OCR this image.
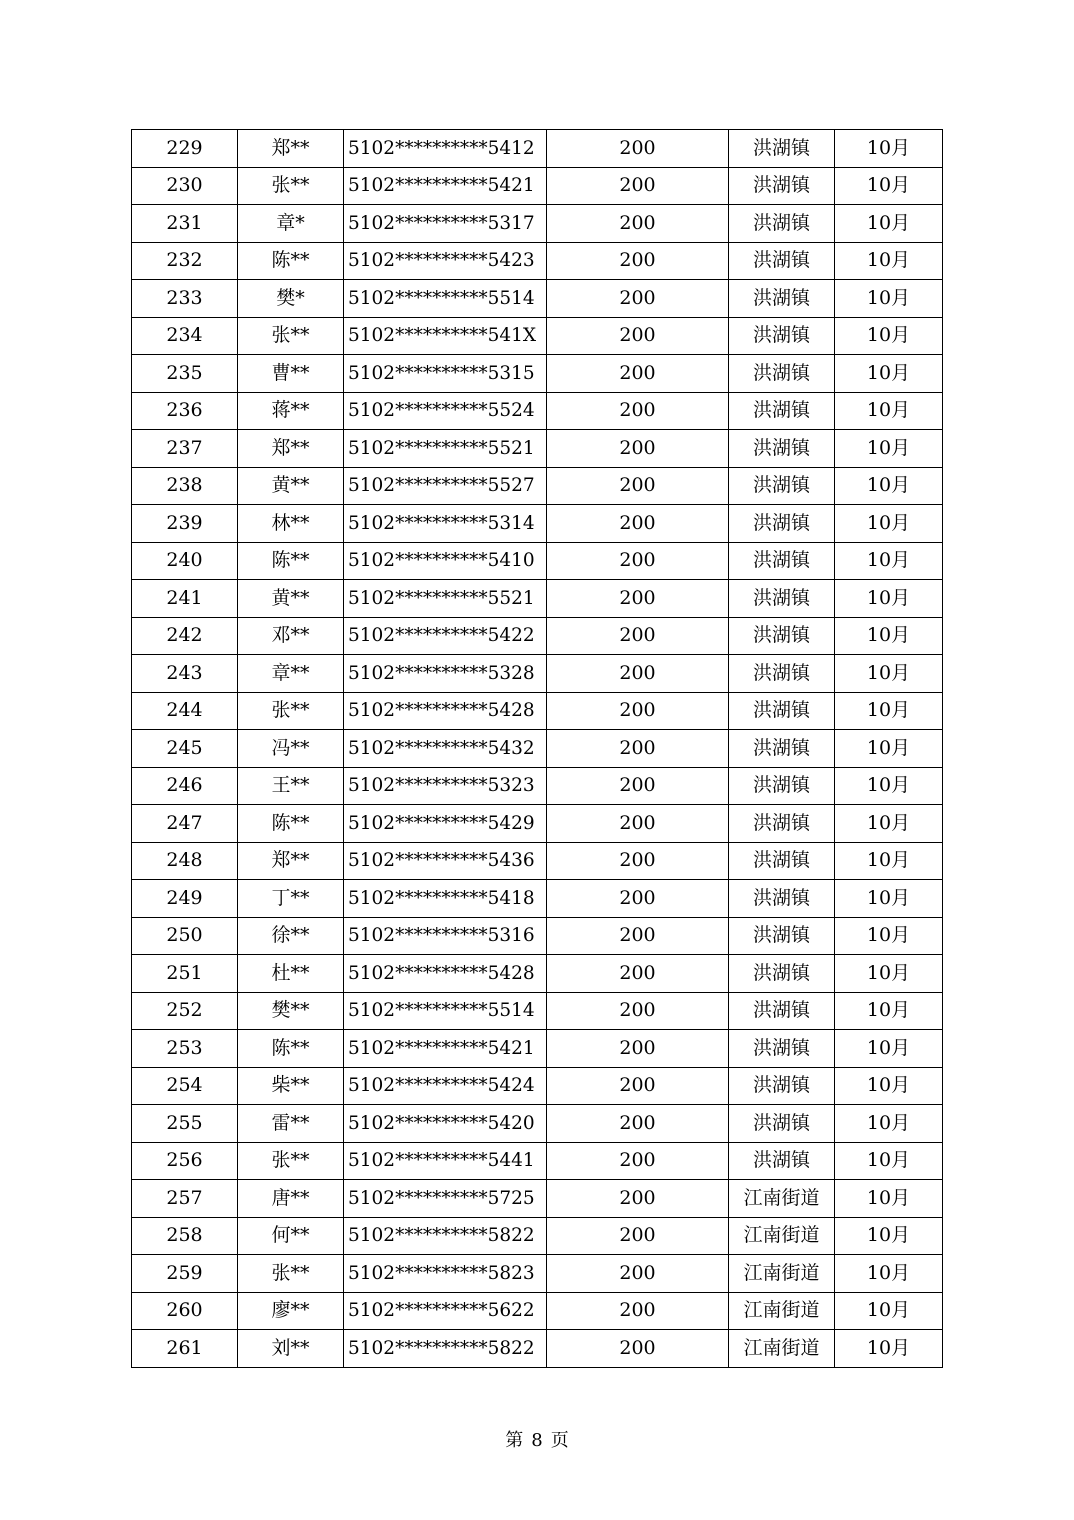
229	郑**	5102**********5412	200	洪湖镇	10月
230	张**	5102**********5421	200	洪湖镇	10月
231	章*	5102**********5317	200	洪湖镇	10月
232	陈**	5102**********5423	200	洪湖镇	10月
233	樊*	5102**********5514	200	洪湖镇	10月
234	张**	5102**********541X	200	洪湖镇	10月
235	曹**	5102**********5315	200	洪湖镇	10月
236	蒋**	5102**********5524	200	洪湖镇	10月
237	郑**	5102**********5521	200	洪湖镇	10月
238	黄**	5102**********5527	200	洪湖镇	10月
239	林**	5102**********5314	200	洪湖镇	10月
240	陈**	5102**********5410	200	洪湖镇	10月
241	黄**	5102**********5521	200	洪湖镇	10月
242	邓**	5102**********5422	200	洪湖镇	10月
243	章**	5102**********5328	200	洪湖镇	10月
244	张**	5102**********5428	200	洪湖镇	10月
245	冯**	5102**********5432	200	洪湖镇	10月
246	王**	5102**********5323	200	洪湖镇	10月
247	陈**	5102**********5429	200	洪湖镇	10月
248	郑**	5102**********5436	200	洪湖镇	10月
249	丁**	5102**********5418	200	洪湖镇	10月
250	徐**	5102**********5316	200	洪湖镇	10月
251	杜**	5102**********5428	200	洪湖镇	10月
252	樊**	5102**********5514	200	洪湖镇	10月
253	陈**	5102**********5421	200	洪湖镇	10月
254	柴**	5102**********5424	200	洪湖镇	10月
255	雷**	5102**********5420	200	洪湖镇	10月
256	张**	5102**********5441	200	洪湖镇	10月
257	唐**	5102**********5725	200	江南街道	10月
258	何**	5102**********5822	200	江南街道	10月
259	张**	5102**********5823	200	江南街道	10月
260	廖**	5102**********5622	200	江南街道	10月
261	刘**	5102**********5822	200	江南街道	10月
第 8 页
